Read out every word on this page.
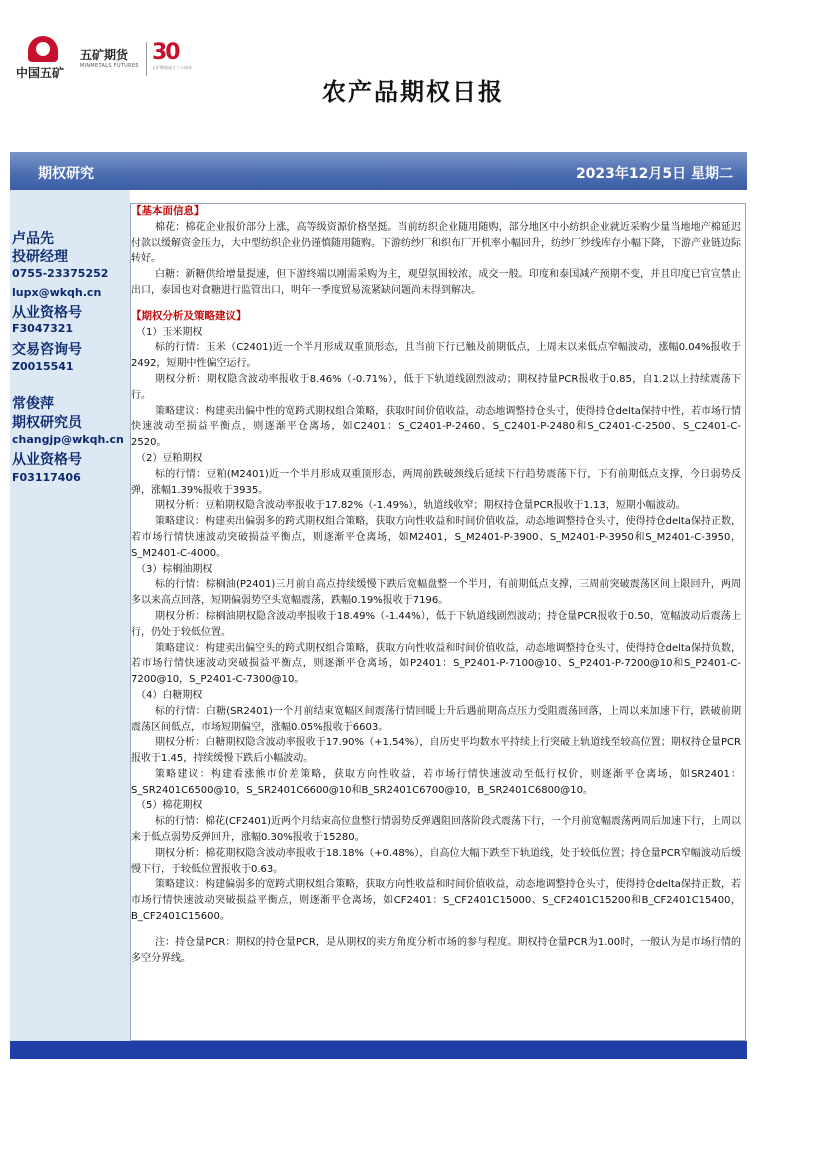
中国五矿
五矿期货
MINMETALS FUTURES
30
五矿期货成立三十周年
农产品期权日报
期权研究	2023年12月5日 星期二
卢品先
投研经理
0755-23375252
lupx@wkqh.cn
从业资格号
F3047321
交易咨询号
Z0015541
常俊萍
期权研究员
changjp@wkqh.cn
从业资格号
F03117406
【基本面信息】

棉花：棉花企业报价部分上涨，高等级资源价格坚挺。当前纺织企业随用随购，部分地区中小纺织企业就近采购少量当地地产棉延迟付款以缓解资金压力，大中型纺织企业仍谨慎随用随购。下游纺纱厂和织布厂开机率小幅回升，纺纱厂纱线库存小幅下降，下游产业链边际转好。

白糖：新糖供给增量提速，但下游终端以刚需采购为主，观望氛围较浓，成交一般。印度和泰国减产预期不变，并且印度已官宣禁止出口，泰国也对食糖进行监管出口，明年一季度贸易流紧缺问题尚未得到解决。

【期权分析及策略建议】
（1）玉米期权

标的行情：玉米（C2401)近一个半月形成双重顶形态，且当前下行已触及前期低点，上周末以来低点窄幅波动，涨幅0.04%报收于2492，短期中性偏空运行。

期权分析：期权隐含波动率报收于8.46%（-0.71%），低于下轨道线剧烈波动；期权持量PCR报收于0.85，自1.2以上持续震荡下行。

策略建议：构建卖出偏中性的宽跨式期权组合策略，获取时间价值收益，动态地调整持仓头寸，使得持仓delta保持中性，若市场行情快速波动至损益平衡点，则逐渐平仓离场，如C2401：S_C2401-P-2460、S_C2401-P-2480和S_C2401-C-2500、S_C2401-C-2520。

（2）豆粕期权

标的行情：豆粕(M2401)近一个半月形成双重顶形态，两周前跌破颈线后延续下行趋势震荡下行，下有前期低点支撑，今日弱势反弹，涨幅1.39%报收于3935。

期权分析：豆粕期权隐含波动率报收于17.82%（-1.49%），轨道线收窄；期权持仓量PCR报收于1.13，短期小幅波动。

策略建议：构建卖出偏弱多的跨式期权组合策略，获取方向性收益和时间价值收益，动态地调整持仓头寸，使得持仓delta保持正数，若市场行情快速波动突破损益平衡点，则逐渐平仓离场，如M2401，S_M2401-P-3900、S_M2401-P-3950和S_M2401-C-3950，S_M2401-C-4000。

（3）棕榈油期权

标的行情：棕榈油(P2401)三月前自高点持续缓慢下跌后宽幅盘整一个半月，有前期低点支撑，三周前突破震荡区间上限回升，两周多以来高点回落，短期偏弱势空头宽幅震荡，跌幅0.19%报收于7196。

期权分析：棕榈油期权隐含波动率报收于18.49%（-1.44%），低于下轨道线剧烈波动；持仓量PCR报收于0.50，宽幅波动后震荡上行，仍处于较低位置。

策略建议：构建卖出偏空头的跨式期权组合策略，获取方向性收益和时间价值收益，动态地调整持仓头寸，使得持仓delta保持负数，若市场行情快速波动突破损益平衡点，则逐渐平仓离场，如P2401：S_P2401-P-7100@10、S_P2401-P-7200@10和S_P2401-C-7200@10，S_P2401-C-7300@10。

（4）白糖期权

标的行情：白糖(SR2401)一个月前结束宽幅区间震荡行情回暖上升后遇前期高点压力受阻震荡回落，上周以来加速下行，跌破前期震荡区间低点，市场短期偏空，涨幅0.05%报收于6603。

期权分析：白糖期权隐含波动率报收于17.90%（+1.54%），自历史平均数水平持续上行突破上轨道线至较高位置；期权持仓量PCR报收于1.45，持续缓慢下跌后小幅波动。

策略建议：构建看涨熊市价差策略，获取方向性收益，若市场行情快速波动至低行权价，则逐渐平仓离场，如SR2401：S_SR2401C6500@10，S_SR2401C6600@10和B_SR2401C6700@10，B_SR2401C6800@10。

（5）棉花期权

标的行情：棉花(CF2401)近两个月结束高位盘整行情弱势反弹遇阻回落阶段式震荡下行，一个月前宽幅震荡两周后加速下行，上周以来于低点弱势反弹回升，涨幅0.30%报收于15280。

期权分析：棉花期权隐含波动率报收于18.18%（+0.48%），自高位大幅下跌至下轨道线，处于较低位置；持仓量PCR窄幅波动后缓慢下行，于较低位置报收于0.63。

策略建议：构建偏弱多的宽跨式期权组合策略，获取方向性收益和时间价值收益，动态地调整持仓头寸，使得持仓delta保持正数，若市场行情快速波动突破损益平衡点，则逐渐平仓离场，如CF2401：S_CF2401C15000、S_CF2401C15200和B_CF2401C15400，B_CF2401C15600。

注：持仓量PCR：期权的持仓量PCR，是从期权的卖方角度分析市场的参与程度。期权持仓量PCR为1.00时，一般认为是市场行情的多空分界线。
